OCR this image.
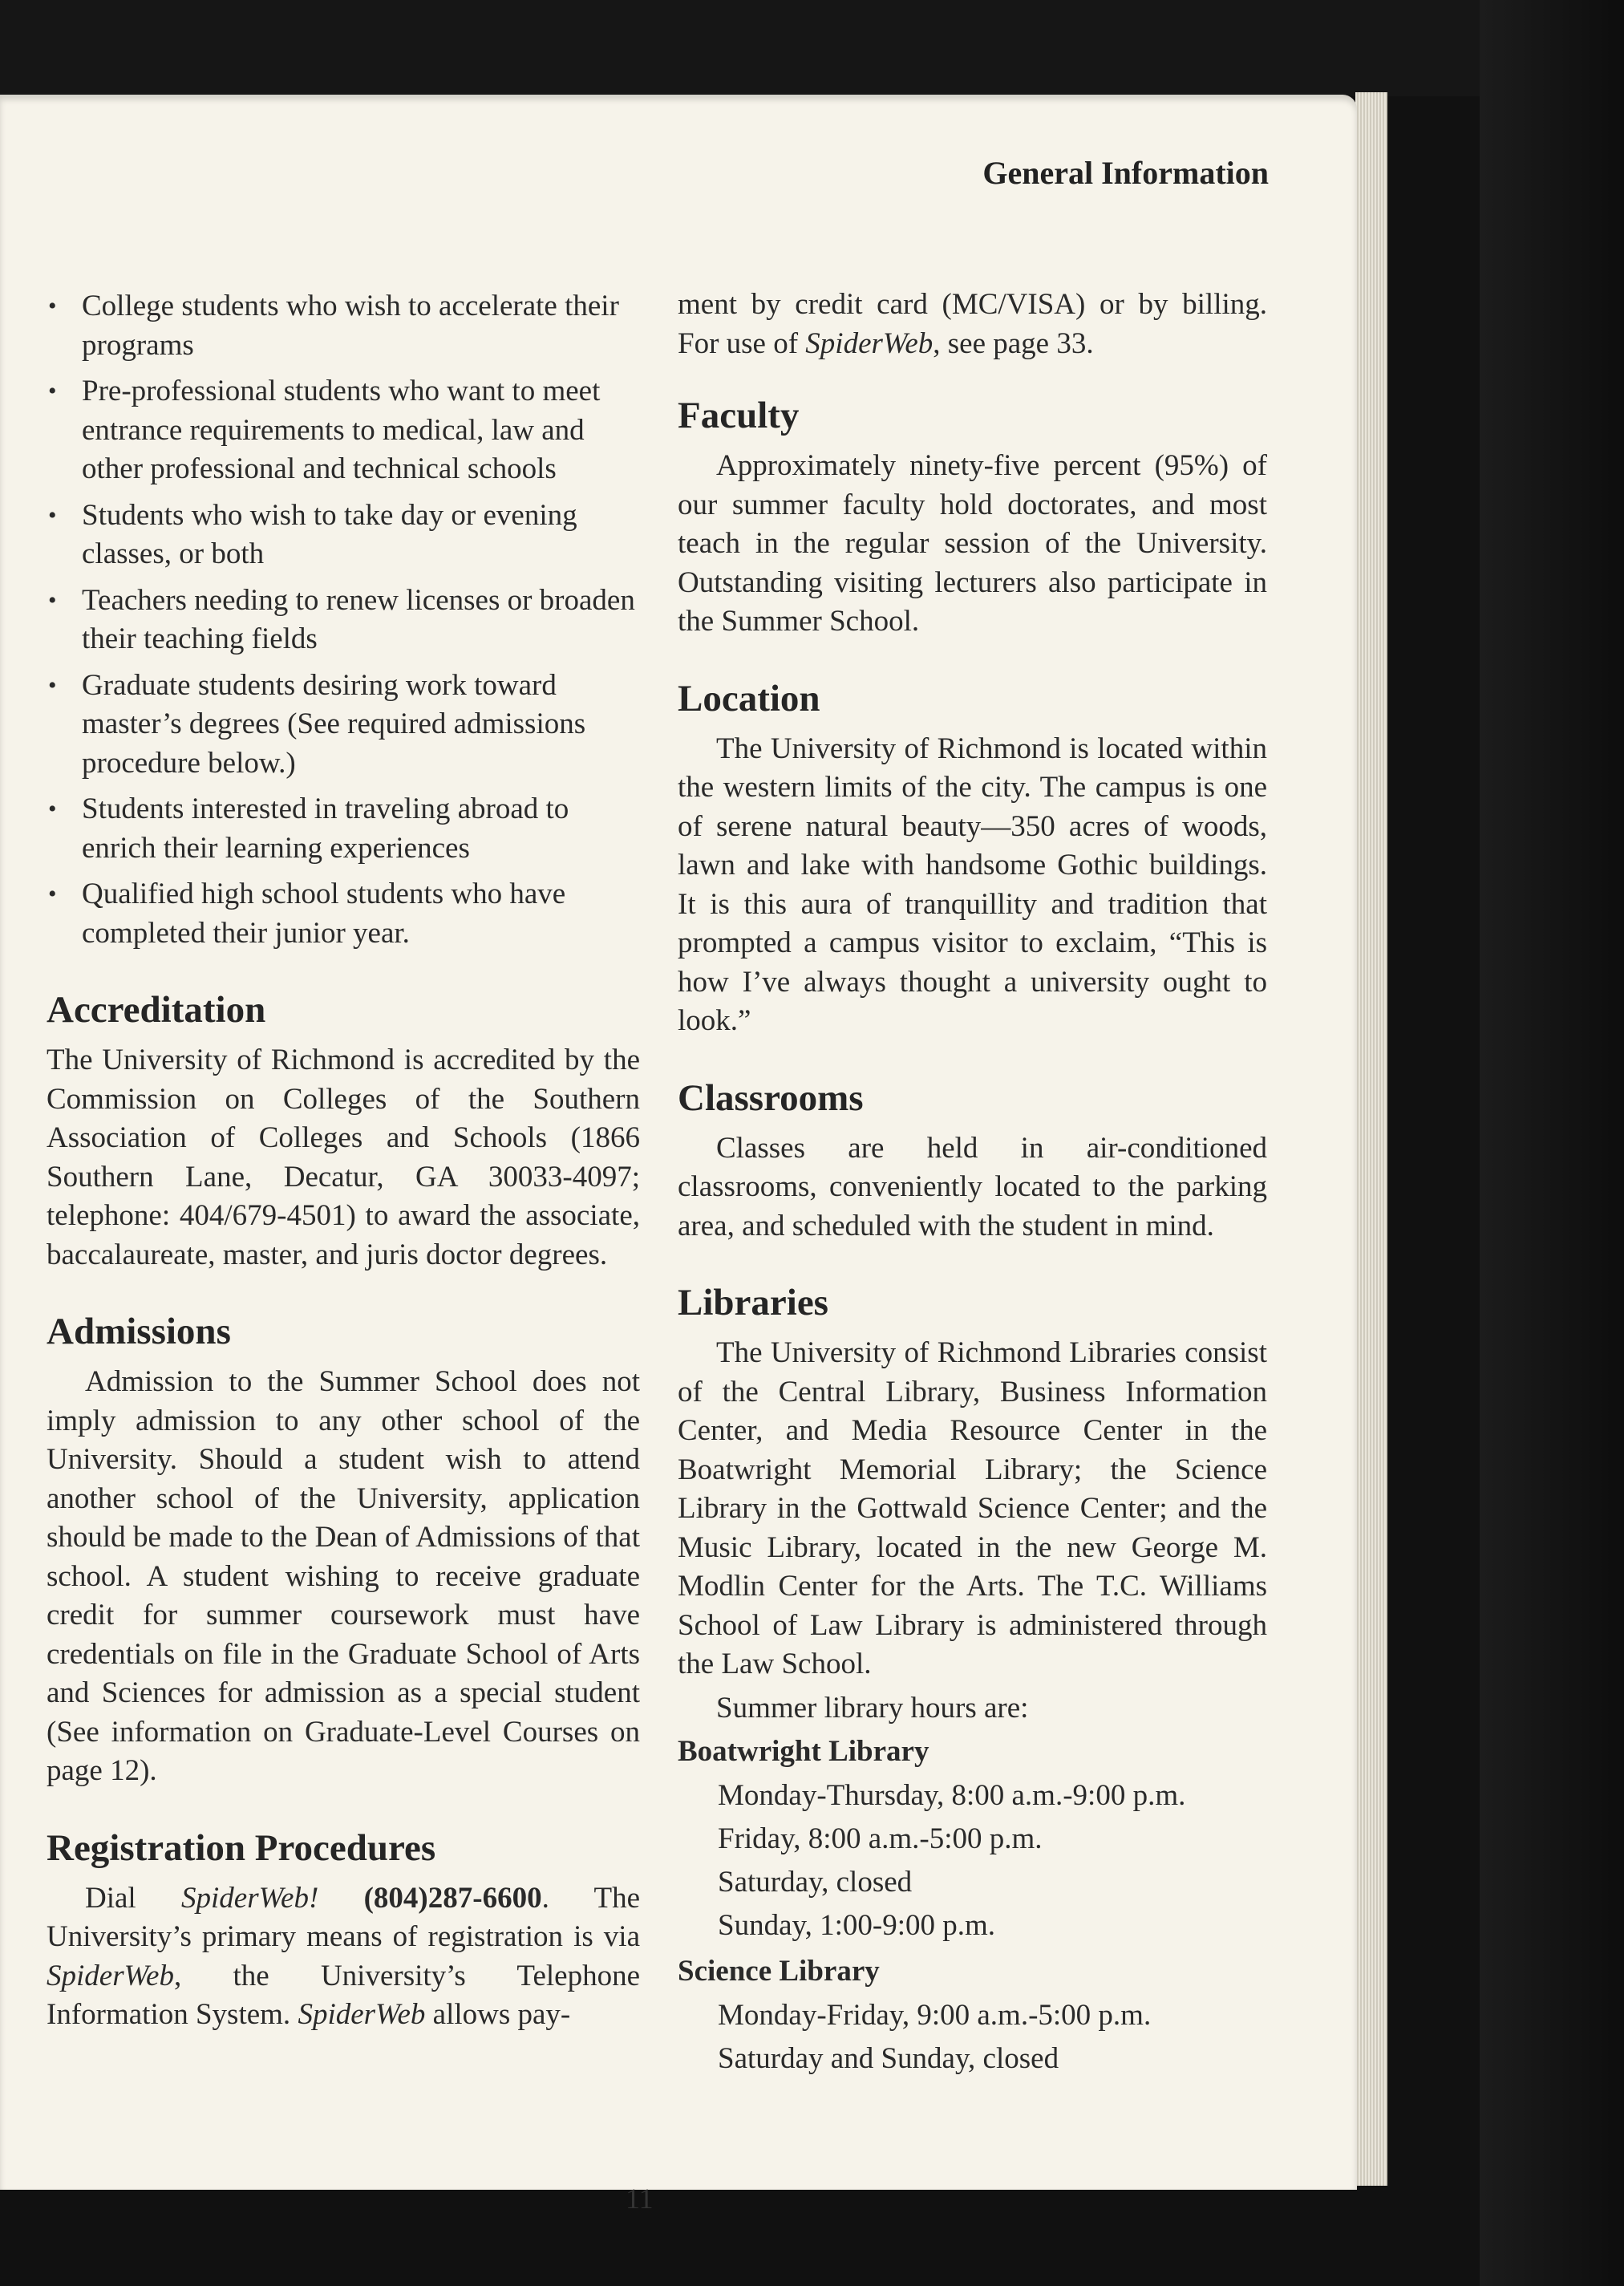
General Information
• College students who wish to accelerate their programs
• Pre-professional students who want to meet entrance requirements to medical, law and other professional and technical schools
• Students who wish to take day or evening classes, or both
• Teachers needing to renew licenses or broaden their teaching fields
• Graduate students desiring work toward master’s degrees (See required admissions procedure below.)
• Students interested in traveling abroad to enrich their learning experiences
• Qualified high school students who have completed their junior year.
Accreditation

The University of Richmond is accredited by the Commission on Colleges of the Southern Association of Colleges and Schools (1866 Southern Lane, Decatur, GA 30033-4097; telephone: 404/679-4501) to award the associate, baccalaureate, master, and juris doctor degrees.

Admissions

Admission to the Summer School does not imply admission to any other school of the University. Should a student wish to attend another school of the University, application should be made to the Dean of Admissions of that school. A student wishing to receive graduate credit for summer coursework must have credentials on file in the Graduate School of Arts and Sciences for admission as a special student (See information on Graduate-Level Courses on page 12).

Registration Procedures

Dial SpiderWeb! (804)287-6600. The University’s primary means of registration is via SpiderWeb, the University’s Telephone Information System. SpiderWeb allows pay-

ment by credit card (MC/VISA) or by billing. For use of SpiderWeb, see page 33.

Faculty

Approximately ninety-five percent (95%) of our summer faculty hold doctorates, and most teach in the regular session of the University. Outstanding visiting lecturers also participate in the Summer School.

Location

The University of Richmond is located within the western limits of the city. The campus is one of serene natural beauty—350 acres of woods, lawn and lake with handsome Gothic buildings. It is this aura of tranquillity and tradition that prompted a campus visitor to exclaim, “This is how I’ve always thought a university ought to look.”

Classrooms

Classes are held in air-conditioned classrooms, conveniently located to the parking area, and scheduled with the student in mind.

Libraries

The University of Richmond Libraries consist of the Central Library, Business Information Center, and Media Resource Center in the Boatwright Memorial Library; the Science Library in the Gottwald Science Center; and the Music Library, located in the new George M. Modlin Center for the Arts. The T.C. Williams School of Law Library is administered through the Law School.

Summer library hours are:

Boatwright Library
Monday-Thursday, 8:00 a.m.-9:00 p.m.
Friday, 8:00 a.m.-5:00 p.m.
Saturday, closed
Sunday, 1:00-9:00 p.m.
Science Library
Monday-Friday, 9:00 a.m.-5:00 p.m.
Saturday and Sunday, closed
11
